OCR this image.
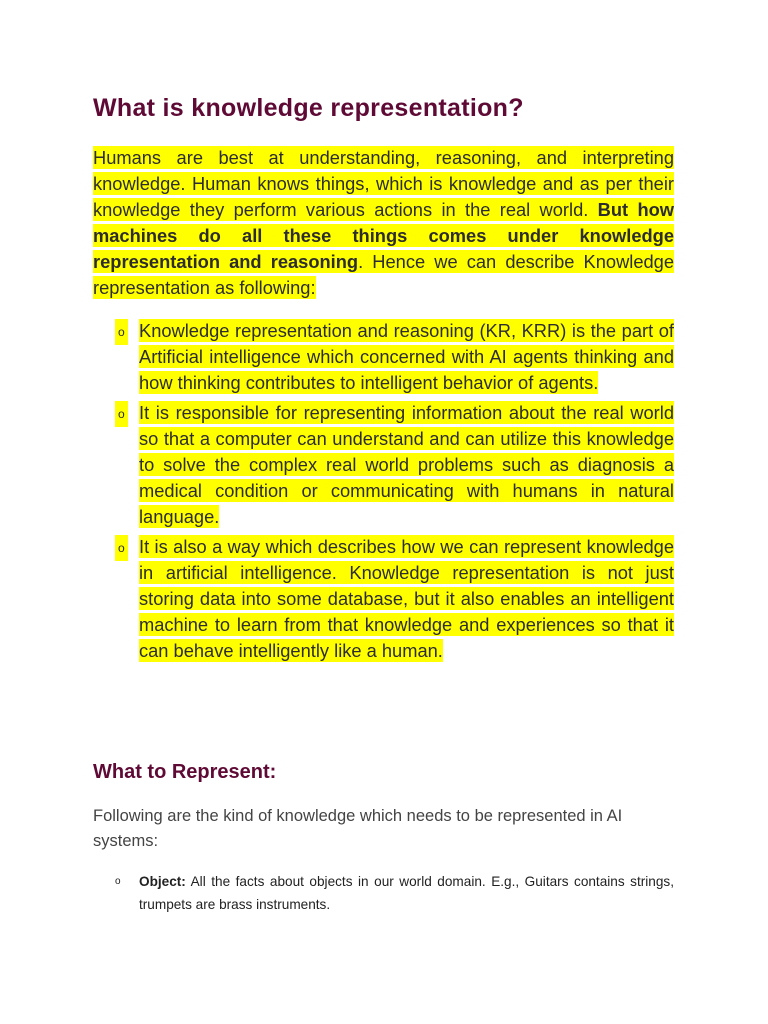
What is knowledge representation?

Humans are best at understanding, reasoning, and interpreting knowledge. Human knows things, which is knowledge and as per their knowledge they perform various actions in the real world. But how machines do all these things comes under knowledge representation and reasoning. Hence we can describe Knowledge representation as following:

o Knowledge representation and reasoning (KR, KRR) is the part of Artificial intelligence which concerned with AI agents thinking and how thinking contributes to intelligent behavior of agents.
o It is responsible for representing information about the real world so that a computer can understand and can utilize this knowledge to solve the complex real world problems such as diagnosis a medical condition or communicating with humans in natural language.
o It is also a way which describes how we can represent knowledge in artificial intelligence. Knowledge representation is not just storing data into some database, but it also enables an intelligent machine to learn from that knowledge and experiences so that it can behave intelligently like a human.
What to Represent:

Following are the kind of knowledge which needs to be represented in AI systems:

o Object: All the facts about objects in our world domain. E.g., Guitars contains strings, trumpets are brass instruments.
